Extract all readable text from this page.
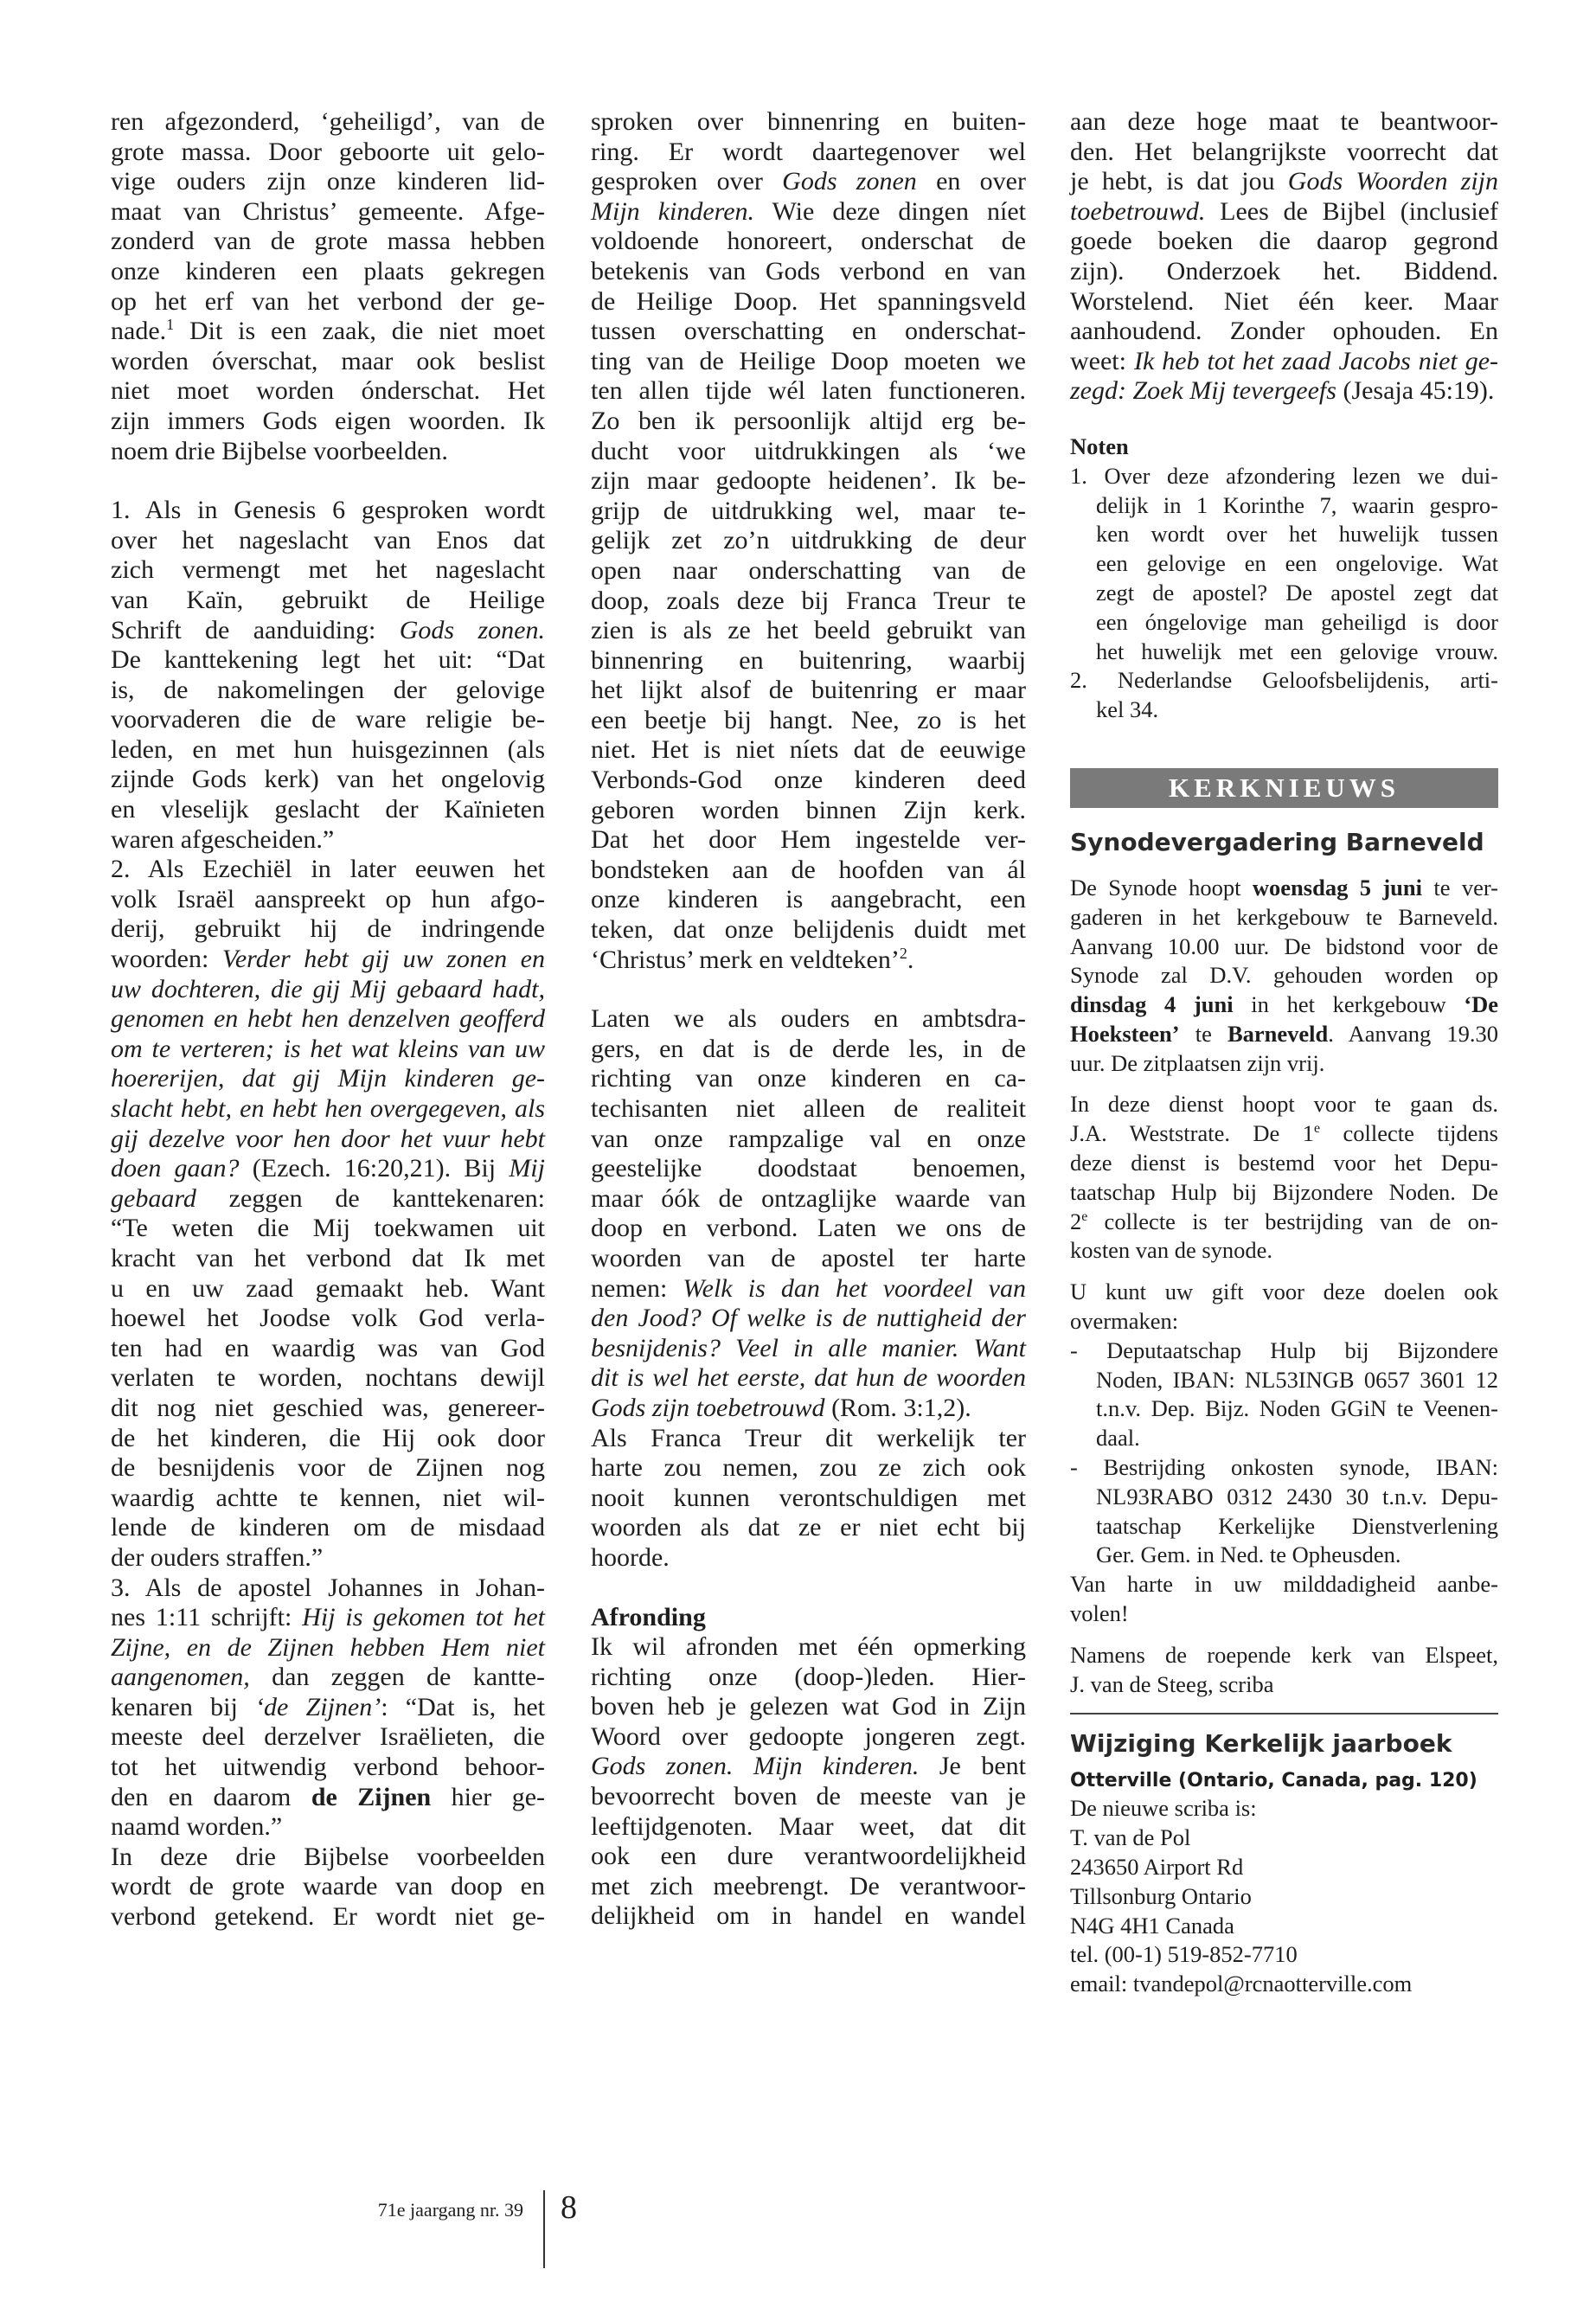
ren afgezonderd, ‘geheiligd’, van de
grote massa. Door geboorte uit gelo-
vige ouders zijn onze kinderen lid-
maat van Christus’ gemeente. Afge-
zonderd van de grote massa hebben
onze kinderen een plaats gekregen
op het erf van het verbond der ge-
nade.$^1$ Dit is een zaak, die niet moet
worden óverschat, maar ook beslist
niet moet worden ónderschat. Het
zijn immers Gods eigen woorden. Ik
noem drie Bijbelse voorbeelden.
1. Als in Genesis 6 gesproken wordt
over het nageslacht van Enos dat
zich vermengt met het nageslacht
van Kaïn, gebruikt de Heilige
Schrift de aanduiding: Gods zonen.
De kanttekening legt het uit: “Dat
is, de nakomelingen der gelovige
voorvaderen die de ware religie be-
leden, en met hun huisgezinnen (als
zijnde Gods kerk) van het ongelovig
en vleselijk geslacht der Kaïnieten
waren afgescheiden.”
2. Als Ezechiël in later eeuwen het
volk Israël aanspreekt op hun afgo-
derij, gebruikt hij de indringende
woorden: Verder hebt gij uw zonen en
uw dochteren, die gij Mij gebaard hadt,
genomen en hebt hen denzelven geofferd
om te verteren; is het wat kleins van uw
hoererijen, dat gij Mijn kinderen ge-
slacht hebt, en hebt hen overgegeven, als
gij dezelve voor hen door het vuur hebt
doen gaan? (Ezech. 16:20,21). Bij Mij
gebaard zeggen de kanttekenaren:
“Te weten die Mij toekwamen uit
kracht van het verbond dat Ik met
u en uw zaad gemaakt heb. Want
hoewel het Joodse volk God verla-
ten had en waardig was van God
verlaten te worden, nochtans dewijl
dit nog niet geschied was, genereer-
de het kinderen, die Hij ook door
de besnijdenis voor de Zijnen nog
waardig achtte te kennen, niet wil-
lende de kinderen om de misdaad
der ouders straffen.”
3. Als de apostel Johannes in Johan-
nes 1:11 schrijft: Hij is gekomen tot het
Zijne, en de Zijnen hebben Hem niet
aangenomen, dan zeggen de kantte-
kenaren bij ‘de Zijnen’: “Dat is, het
meeste deel derzelver Israëlieten, die
tot het uitwendig verbond behoor-
den en daarom de Zijnen hier ge-
naamd worden.”
In deze drie Bijbelse voorbeelden
wordt de grote waarde van doop en
verbond getekend. Er wordt niet ge-
sproken over binnenring en buiten-
ring. Er wordt daartegenover wel
gesproken over Gods zonen en over
Mijn kinderen. Wie deze dingen níet
voldoende honoreert, onderschat de
betekenis van Gods verbond en van
de Heilige Doop. Het spanningsveld
tussen overschatting en onderschat-
ting van de Heilige Doop moeten we
ten allen tijde wél laten functioneren.
Zo ben ik persoonlijk altijd erg be-
ducht voor uitdrukkingen als ‘we
zijn maar gedoopte heidenen’. Ik be-
grijp de uitdrukking wel, maar te-
gelijk zet zo’n uitdrukking de deur
open naar onderschatting van de
doop, zoals deze bij Franca Treur te
zien is als ze het beeld gebruikt van
binnenring en buitenring, waarbij
het lijkt alsof de buitenring er maar
een beetje bij hangt. Nee, zo is het
niet. Het is niet níets dat de eeuwige
Verbonds-God onze kinderen deed
geboren worden binnen Zijn kerk.
Dat het door Hem ingestelde ver-
bondsteken aan de hoofden van ál
onze kinderen is aangebracht, een
teken, dat onze belijdenis duidt met
‘Christus’ merk en veldteken’$^2$.
Laten we als ouders en ambtsdra-
gers, en dat is de derde les, in de
richting van onze kinderen en ca-
techisanten niet alleen de realiteit
van onze rampzalige val en onze
geestelijke doodstaat benoemen,
maar óók de ontzaglijke waarde van
doop en verbond. Laten we ons de
woorden van de apostel ter harte
nemen: Welk is dan het voordeel van
den Jood? Of welke is de nuttigheid der
besnijdenis? Veel in alle manier. Want
dit is wel het eerste, dat hun de woorden
Gods zijn toebetrouwd (Rom. 3:1,2).
Als Franca Treur dit werkelijk ter
harte zou nemen, zou ze zich ook
nooit kunnen verontschuldigen met
woorden als dat ze er niet echt bij
hoorde.
Afronding
Ik wil afronden met één opmerking
richting onze (doop-)leden. Hier-
boven heb je gelezen wat God in Zijn
Woord over gedoopte jongeren zegt.
Gods zonen. Mijn kinderen. Je bent
bevoorrecht boven de meeste van je
leeftijdgenoten. Maar weet, dat dit
ook een dure verantwoordelijkheid
met zich meebrengt. De verantwoor-
delijkheid om in handel en wandel
aan deze hoge maat te beantwoor-
den. Het belangrijkste voorrecht dat
je hebt, is dat jou Gods Woorden zijn
toebetrouwd. Lees de Bijbel (inclusief
goede boeken die daarop gegrond
zijn). Onderzoek het. Biddend.
Worstelend. Niet één keer. Maar
aanhoudend. Zonder ophouden. En
weet: Ik heb tot het zaad Jacobs niet ge-
zegd: Zoek Mij tevergeefs (Jesaja 45:19).
Noten
1. Over deze afzondering lezen we dui-
delijk in 1 Korinthe 7, waarin gespro-
ken wordt over het huwelijk tussen
een gelovige en een ongelovige. Wat
zegt de apostel? De apostel zegt dat
een óngelovige man geheiligd is door
het huwelijk met een gelovige vrouw.
2. Nederlandse Geloofsbelijdenis, arti-
kel 34.
KERKNIEUWS
Synodevergadering Barneveld
De Synode hoopt woensdag 5 juni te ver-
gaderen in het kerkgebouw te Barneveld.
Aanvang 10.00 uur. De bidstond voor de
Synode zal D.V. gehouden worden op
dinsdag 4 juni in het kerkgebouw ‘De
Hoeksteen’ te Barneveld. Aanvang 19.30
uur. De zitplaatsen zijn vrij.
In deze dienst hoopt voor te gaan ds.
J.A. Weststrate. De 1e collecte tijdens
deze dienst is bestemd voor het Depu-
taatschap Hulp bij Bijzondere Noden. De
2e collecte is ter bestrijding van de on-
kosten van de synode.
U kunt uw gift voor deze doelen ook
overmaken:
- Deputaatschap Hulp bij Bijzondere
Noden, IBAN: NL53INGB 0657 3601 12
t.n.v. Dep. Bijz. Noden GGiN te Veenen-
daal.
- Bestrijding onkosten synode, IBAN:
NL93RABO 0312 2430 30 t.n.v. Depu-
taatschap Kerkelijke Dienstverlening
Ger. Gem. in Ned. te Opheusden.
Van harte in uw milddadigheid aanbe-
volen!
Namens de roepende kerk van Elspeet,
J. van de Steeg, scriba
Wijziging Kerkelijk jaarboek
Otterville (Ontario, Canada, pag. 120)
De nieuwe scriba is:
T. van de Pol
243650 Airport Rd
Tillsonburg Ontario
N4G 4H1 Canada
tel. (00-1) 519-852-7710
email: tvandepol@rcnaotterville.com
71e jaargang nr. 39 8
